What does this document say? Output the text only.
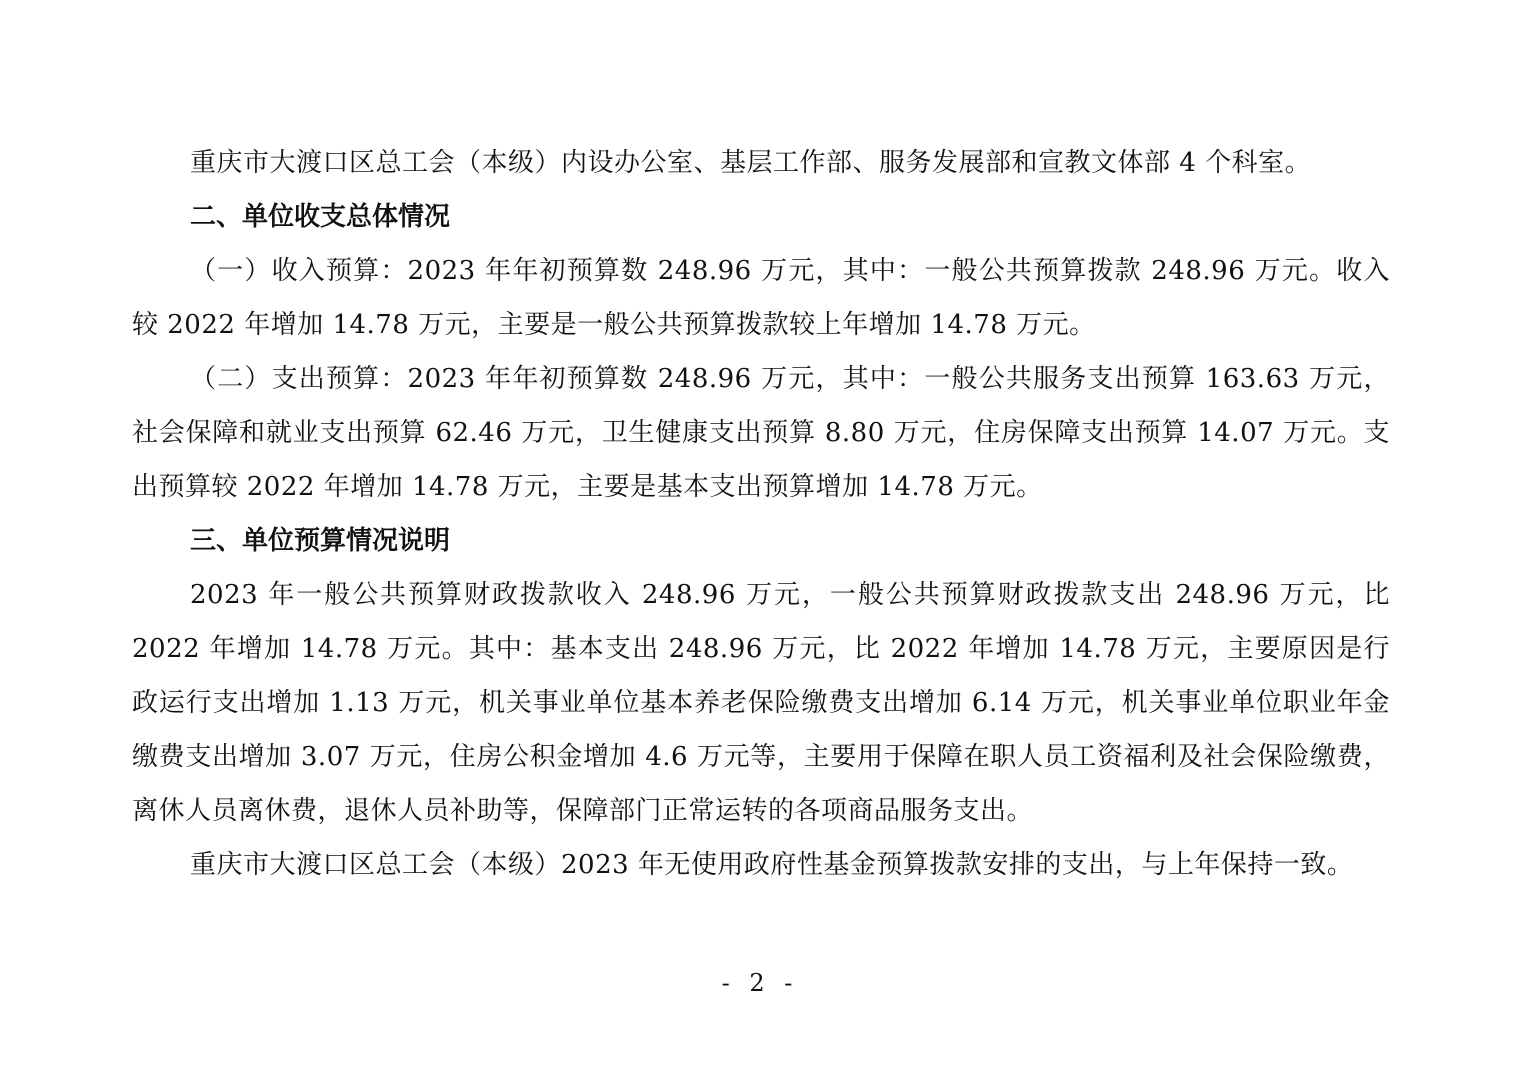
重庆市大渡口区总工会（本级）内设办公室、基层工作部、服务发展部和宣教文体部 4 个科室。

二、单位收支总体情况

（一）收入预算：2023 年年初预算数 248.96 万元，其中：一般公共预算拨款 248.96 万元。收入较 2022 年增加 14.78 万元，主要是一般公共预算拨款较上年增加 14.78 万元。

（二）支出预算：2023 年年初预算数 248.96 万元，其中：一般公共服务支出预算 163.63 万元，社会保障和就业支出预算 62.46 万元，卫生健康支出预算 8.80 万元，住房保障支出预算 14.07 万元。支出预算较 2022 年增加 14.78 万元，主要是基本支出预算增加 14.78 万元。

三、单位预算情况说明

2023 年一般公共预算财政拨款收入 248.96 万元，一般公共预算财政拨款支出 248.96 万元，比 2022 年增加 14.78 万元。其中：基本支出 248.96 万元，比 2022 年增加 14.78 万元，主要原因是行政运行支出增加 1.13 万元，机关事业单位基本养老保险缴费支出增加 6.14 万元，机关事业单位职业年金缴费支出增加 3.07 万元，住房公积金增加 4.6 万元等，主要用于保障在职人员工资福利及社会保险缴费，离休人员离休费，退休人员补助等，保障部门正常运转的各项商品服务支出。

重庆市大渡口区总工会（本级）2023 年无使用政府性基金预算拨款安排的支出，与上年保持一致。

- 2 -
